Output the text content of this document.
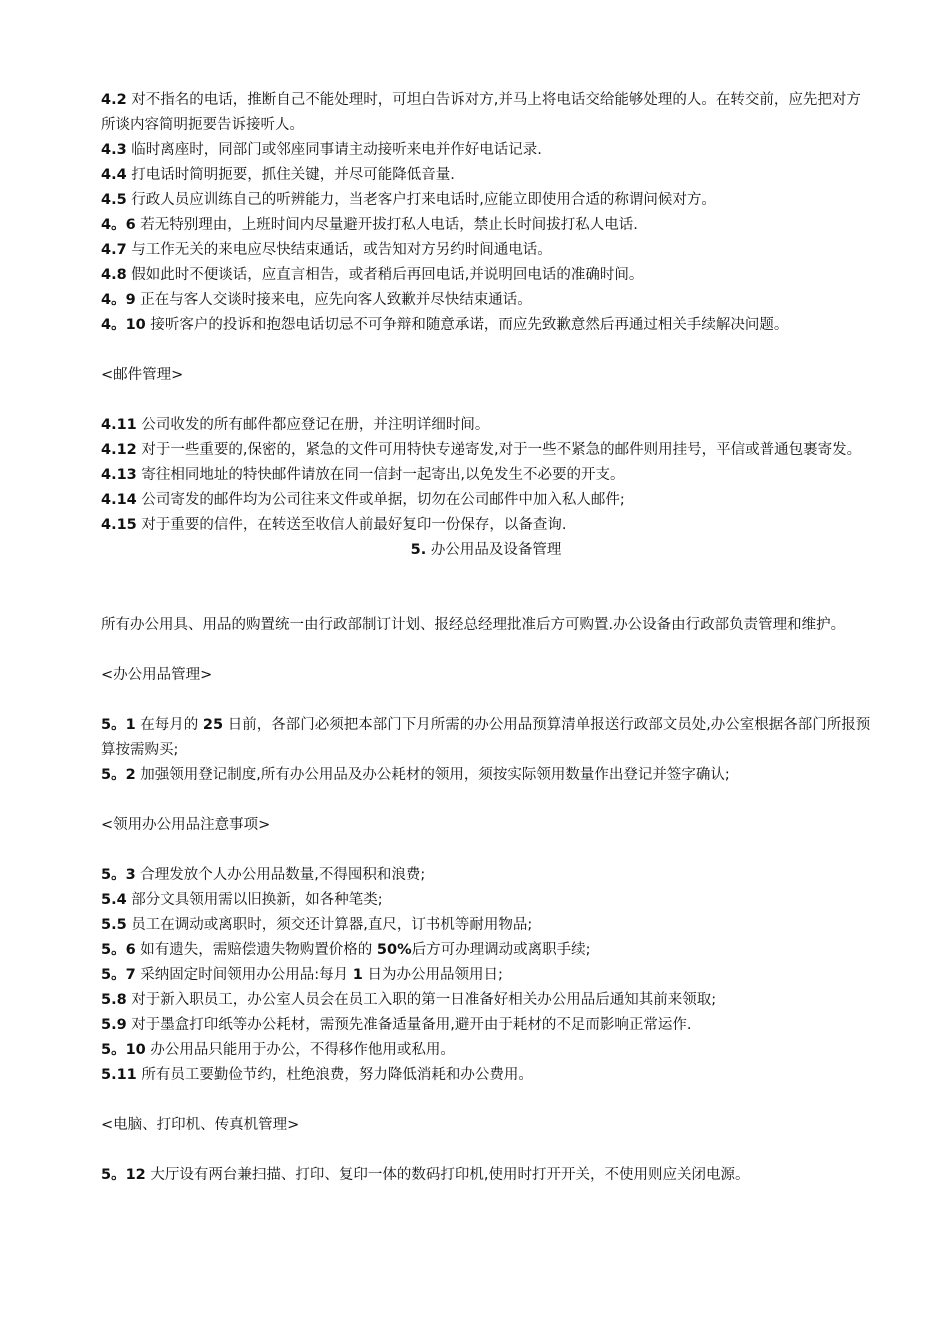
4.2 对不指名的电话，推断自己不能处理时，可坦白告诉对方,并马上将电话交给能够处理的人。在转交前，应先把对方所谈内容简明扼要告诉接听人。

4.3 临时离座时，同部门或邻座同事请主动接听来电并作好电话记录.

4.4 打电话时简明扼要，抓住关键，并尽可能降低音量.

4.5 行政人员应训练自己的听辨能力，当老客户打来电话时,应能立即使用合适的称谓问候对方。

4。6 若无特别理由，上班时间内尽量避开拔打私人电话，禁止长时间拔打私人电话.

4.7 与工作无关的来电应尽快结束通话，或告知对方另约时间通电话。

4.8 假如此时不便谈话，应直言相告，或者稍后再回电话,并说明回电话的准确时间。

4。9 正在与客人交谈时接来电，应先向客人致歉并尽快结束通话。

4。10 接听客户的投诉和抱怨电话切忌不可争辩和随意承诺，而应先致歉意然后再通过相关手续解决问题。

<邮件管理>

4.11 公司收发的所有邮件都应登记在册，并注明详细时间。

4.12 对于一些重要的,保密的，紧急的文件可用特快专递寄发,对于一些不紧急的邮件则用挂号，平信或普通包裹寄发。

4.13 寄往相同地址的特快邮件请放在同一信封一起寄出,以免发生不必要的开支。

4.14 公司寄发的邮件均为公司往来文件或单据，切勿在公司邮件中加入私人邮件;

4.15 对于重要的信件，在转送至收信人前最好复印一份保存，以备查询.

5. 办公用品及设备管理

所有办公用具、用品的购置统一由行政部制订计划、报经总经理批准后方可购置.办公设备由行政部负责管理和维护。

<办公用品管理>

5。1 在每月的 25 日前，各部门必须把本部门下月所需的办公用品预算清单报送行政部文员处,办公室根据各部门所报预算按需购买;

5。2 加强领用登记制度,所有办公用品及办公耗材的领用，须按实际领用数量作出登记并签字确认;

<领用办公用品注意事项>

5。3 合理发放个人办公用品数量,不得囤积和浪费;

5.4 部分文具领用需以旧换新，如各种笔类;

5.5 员工在调动或离职时，须交还计算器,直尺，订书机等耐用物品;

5。6 如有遗失，需赔偿遗失物购置价格的 50%后方可办理调动或离职手续;

5。7 采纳固定时间领用办公用品:每月 1 日为办公用品领用日;

5.8 对于新入职员工，办公室人员会在员工入职的第一日准备好相关办公用品后通知其前来领取;

5.9 对于墨盒打印纸等办公耗材，需预先准备适量备用,避开由于耗材的不足而影响正常运作.

5。10 办公用品只能用于办公，不得移作他用或私用。

5.11 所有员工要勤俭节约，杜绝浪费，努力降低消耗和办公费用。

<电脑、打印机、传真机管理>

5。12 大厅设有两台兼扫描、打印、复印一体的数码打印机,使用时打开开关，不使用则应关闭电源。
